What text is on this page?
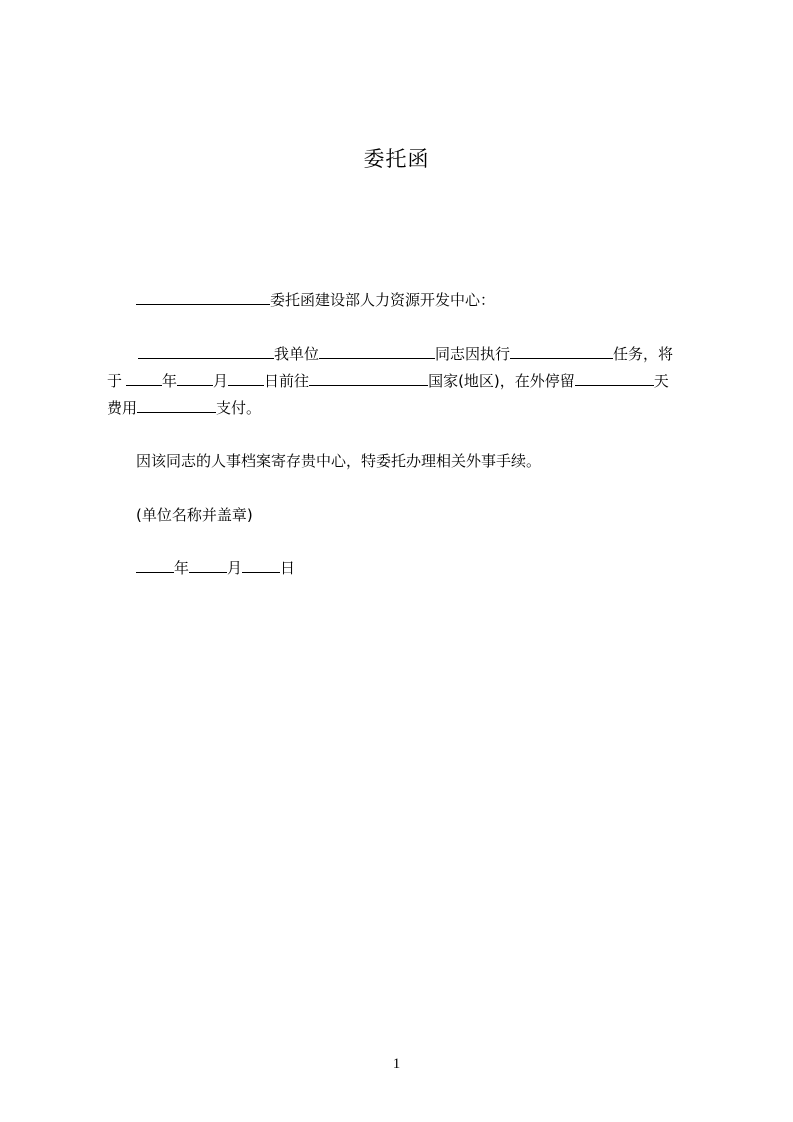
委托函
委托函建设部人力资源开发中心：
我单位	同志因执行	任务，将
于	年 月 日前往	国家(地区)，在外停留	天
费用	支付。
因该同志的人事档案寄存贵中心，特委托办理相关外事手续。
(单位名称并盖章)
年	月	日
1
